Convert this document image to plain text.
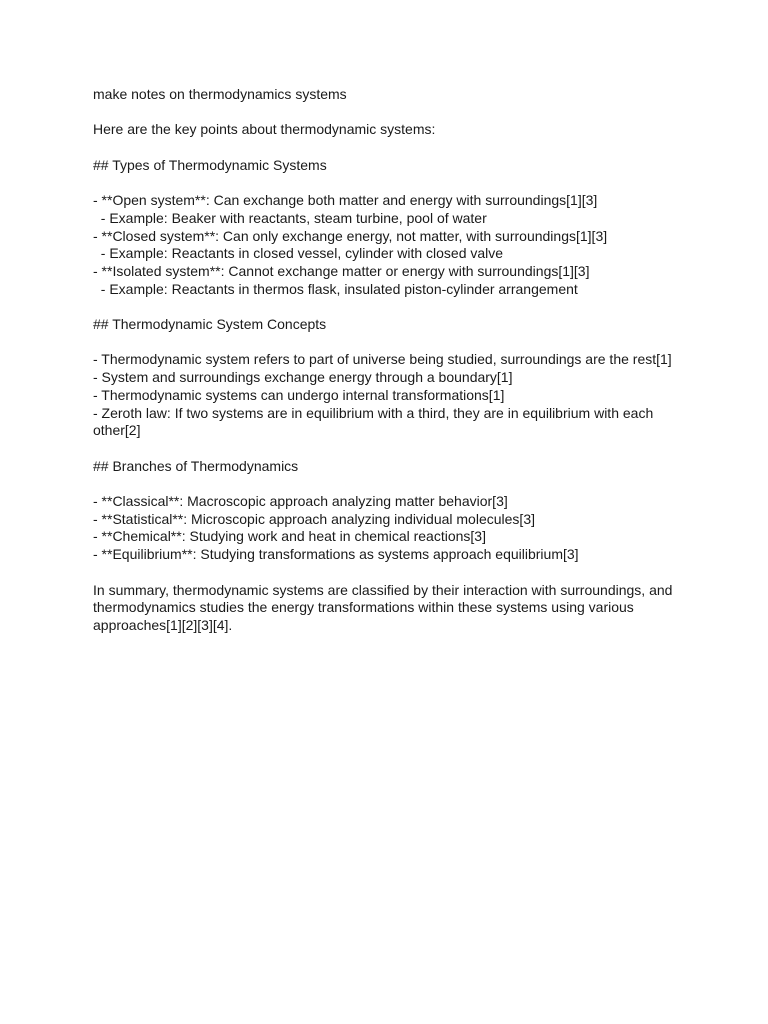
make notes on thermodynamics systems

Here are the key points about thermodynamic systems:

## Types of Thermodynamic Systems

- **Open system**: Can exchange both matter and energy with surroundings[1][3]

- Example: Beaker with reactants, steam turbine, pool of water

- **Closed system**: Can only exchange energy, not matter, with surroundings[1][3]

- Example: Reactants in closed vessel, cylinder with closed valve

- **Isolated system**: Cannot exchange matter or energy with surroundings[1][3]

- Example: Reactants in thermos flask, insulated piston-cylinder arrangement

## Thermodynamic System Concepts

- Thermodynamic system refers to part of universe being studied, surroundings are the rest[1]

- System and surroundings exchange energy through a boundary[1]

- Thermodynamic systems can undergo internal transformations[1]

- Zeroth law: If two systems are in equilibrium with a third, they are in equilibrium with each other[2]

## Branches of Thermodynamics

- **Classical**: Macroscopic approach analyzing matter behavior[3]

- **Statistical**: Microscopic approach analyzing individual molecules[3]

- **Chemical**: Studying work and heat in chemical reactions[3]

- **Equilibrium**: Studying transformations as systems approach equilibrium[3]

In summary, thermodynamic systems are classified by their interaction with surroundings, and thermodynamics studies the energy transformations within these systems using various approaches[1][2][3][4].
